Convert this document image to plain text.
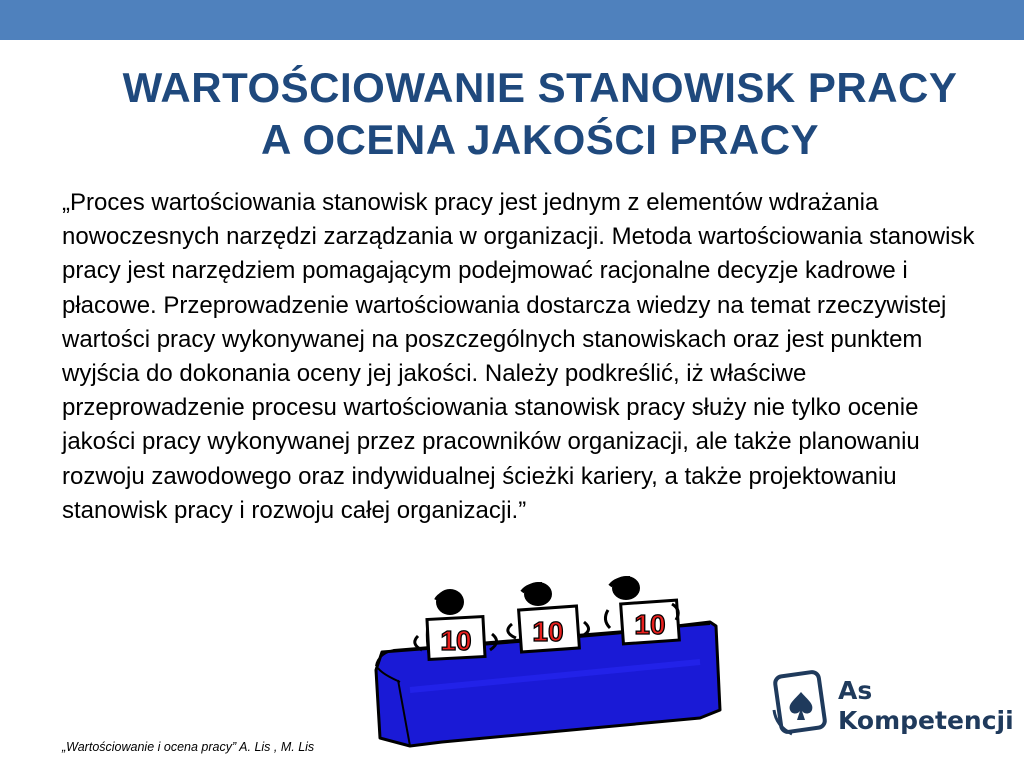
WARTOŚCIOWANIE STANOWISK PRACY
A OCENA JAKOŚCI PRACY

„Proces wartościowania stanowisk pracy jest jednym z elementów wdrażania nowoczesnych narzędzi zarządzania w organizacji. Metoda wartościowania stanowisk pracy jest narzędziem pomagającym podejmować racjonalne decyzje kadrowe i płacowe. Przeprowadzenie wartościowania dostarcza wiedzy na temat rzeczywistej wartości pracy wykonywanej na poszczególnych stanowiskach oraz jest punktem wyjścia do dokonania oceny jej jakości. Należy podkreślić, iż właściwe przeprowadzenie procesu wartościowania stanowisk pracy służy nie tylko ocenie jakości pracy wykonywanej przez pracowników organizacji, ale także planowaniu rozwoju zawodowego oraz indywidualnej ścieżki kariery, a także projektowaniu stanowisk pracy i rozwoju całej organizacji.”

10 10	10
As
Kompetencji
„Wartościowanie i ocena pracy” A. Lis , M. Lis
